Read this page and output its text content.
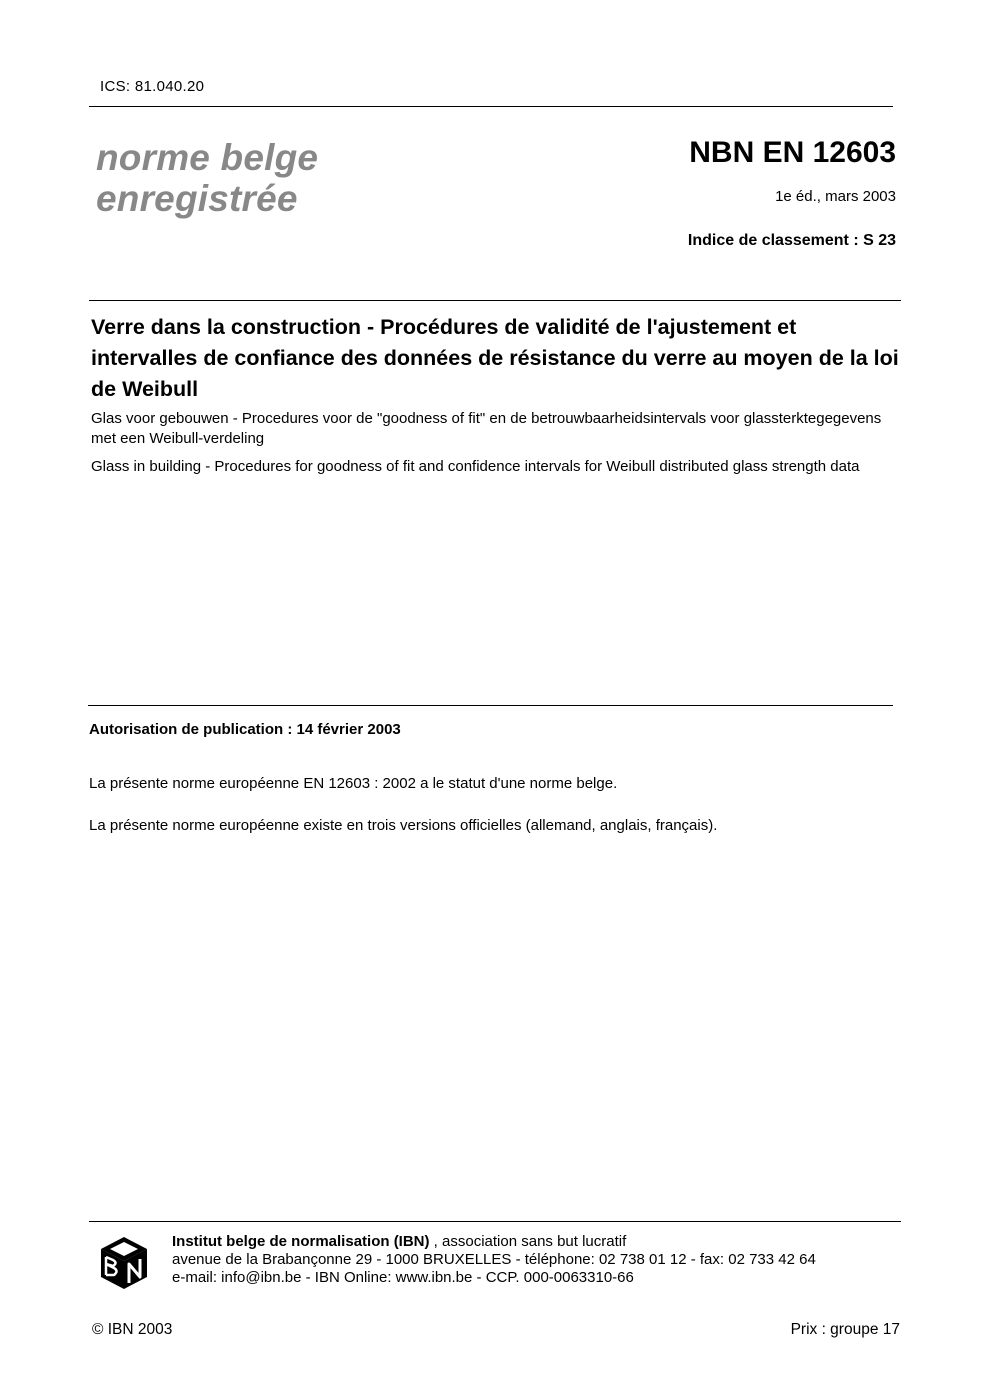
ICS: 81.040.20
norme belge
enregistrée
NBN EN 12603
1e éd., mars 2003
Indice de classement : S 23
Verre dans la construction - Procédures de validité de l'ajustement et intervalles de confiance des données de résistance du verre au moyen de la loi de Weibull
Glas voor gebouwen - Procedures voor de "goodness of fit" en de betrouwbaarheidsintervals voor glassterktegegevens met een Weibull-verdeling
Glass in building - Procedures for goodness of fit and confidence intervals for Weibull distributed glass strength data
Autorisation de publication : 14 février 2003
La présente norme européenne EN 12603 : 2002 a le statut d'une norme belge.
La présente norme européenne existe en trois versions officielles (allemand, anglais, français).
Institut belge de normalisation (IBN) , association sans but lucratif
avenue de la Brabançonne 29 - 1000 BRUXELLES - téléphone: 02 738 01 12 - fax: 02 733 42 64
e-mail: info@ibn.be - IBN Online: www.ibn.be - CCP. 000-0063310-66
© IBN 2003	Prix : groupe 17
